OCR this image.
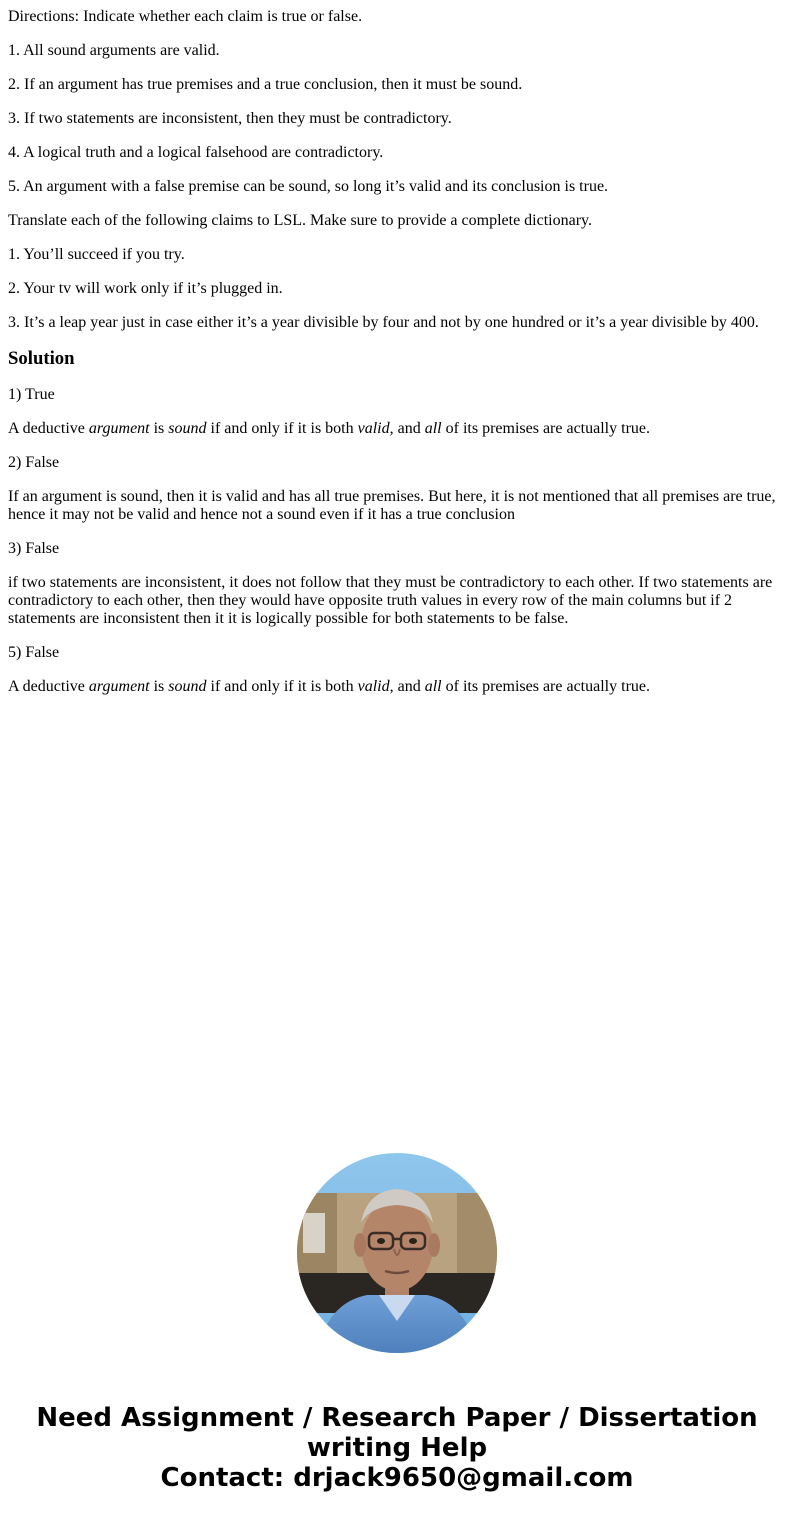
Directions: Indicate whether each claim is true or false.

1. All sound arguments are valid.

2. If an argument has true premises and a true conclusion, then it must be sound.

3. If two statements are inconsistent, then they must be contradictory.

4. A logical truth and a logical falsehood are contradictory.

5. An argument with a false premise can be sound, so long it’s valid and its conclusion is true.

Translate each of the following claims to LSL. Make sure to provide a complete dictionary.

1. You’ll succeed if you try.

2. Your tv will work only if it’s plugged in.

3. It’s a leap year just in case either it’s a year divisible by four and not by one hundred or it’s a year divisible by 400.

Solution

1) True

A deductive argument is sound if and only if it is both valid, and all of its premises are actually true.

2) False

If an argument is sound, then it is valid and has all true premises. But here, it is not mentioned that all premises are true, hence it may not be valid and hence not a sound even if it has a true conclusion

3) False

if two statements are inconsistent, it does not follow that they must be contradictory to each other. If two statements are contradictory to each other, then they would have opposite truth values in every row of the main columns but if 2 statements are inconsistent then it it is logically possible for both statements to be false.

5) False

A deductive argument is sound if and only if it is both valid, and all of its premises are actually true.

Need Assignment / Research Paper / Dissertation
writing Help
Contact: drjack9650@gmail.com
